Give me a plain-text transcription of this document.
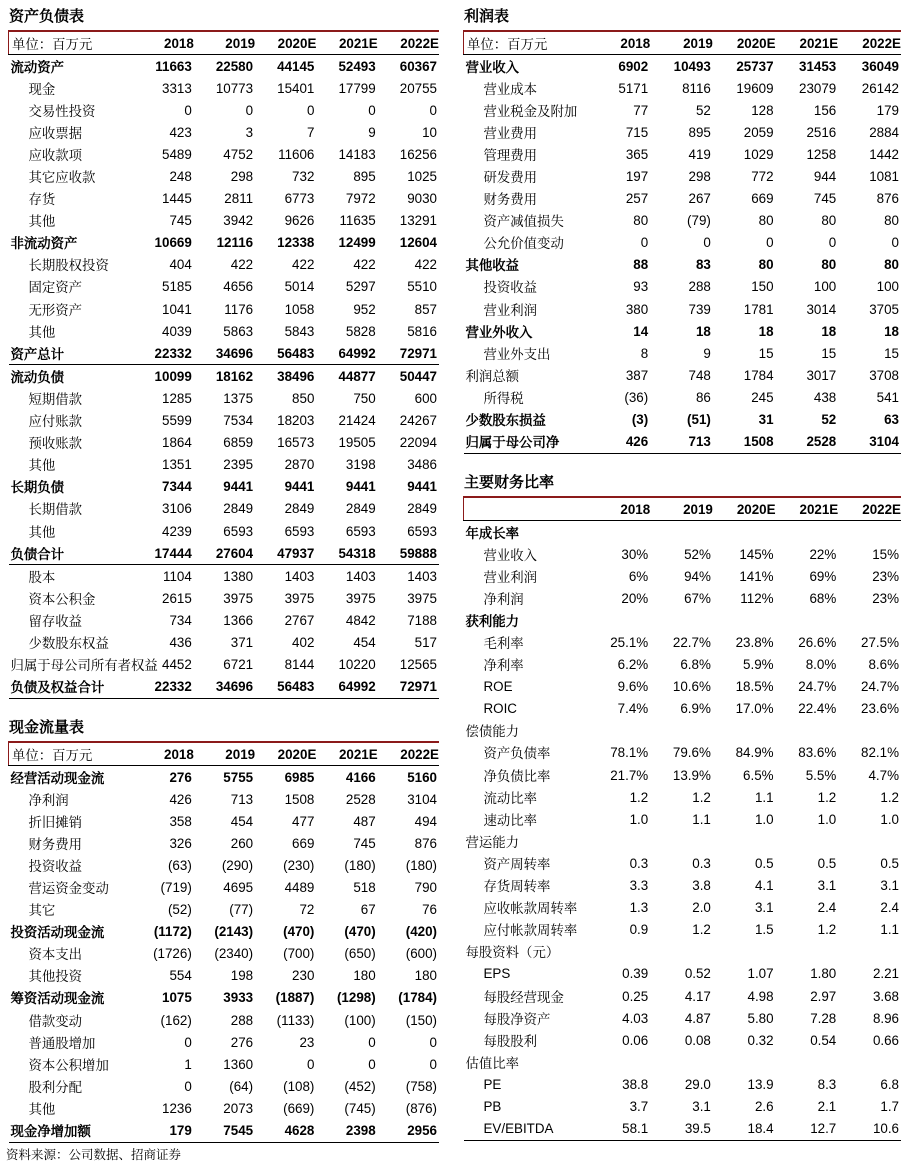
资产负债表
单位：百万元	2018	2019	2020E	2021E	2022E
流动资产	11663	22580	44145	52493	60367
现金	3313	10773	15401	17799	20755
交易性投资	0	0	0	0	0
应收票据	423	3	7	9	10
应收款项	5489	4752	11606	14183	16256
其它应收款	248	298	732	895	1025
存货	1445	2811	6773	7972	9030
其他	745	3942	9626	11635	13291
非流动资产	10669	12116	12338	12499	12604
长期股权投资	404	422	422	422	422
固定资产	5185	4656	5014	5297	5510
无形资产	1041	1176	1058	952	857
其他	4039	5863	5843	5828	5816
资产总计	22332	34696	56483	64992	72971
流动负债	10099	18162	38496	44877	50447
短期借款	1285	1375	850	750	600
应付账款	5599	7534	18203	21424	24267
预收账款	1864	6859	16573	19505	22094
其他	1351	2395	2870	3198	3486
长期负债	7344	9441	9441	9441	9441
长期借款	3106	2849	2849	2849	2849
其他	4239	6593	6593	6593	6593
负债合计	17444	27604	47937	54318	59888
股本	1104	1380	1403	1403	1403
资本公积金	2615	3975	3975	3975	3975
留存收益	734	1366	2767	4842	7188
少数股东权益	436	371	402	454	517
归属于母公司所有者权益	4452	6721	8144	10220	12565
负债及权益合计	22332	34696	56483	64992	72971
现金流量表
单位：百万元	2018	2019	2020E	2021E	2022E
经营活动现金流	276	5755	6985	4166	5160
净利润	426	713	1508	2528	3104
折旧摊销	358	454	477	487	494
财务费用	326	260	669	745	876
投资收益	(63)	(290)	(230)	(180)	(180)
营运资金变动	(719)	4695	4489	518	790
其它	(52)	(77)	72	67	76
投资活动现金流	(1172)	(2143)	(470)	(470)	(420)
资本支出	(1726)	(2340)	(700)	(650)	(600)
其他投资	554	198	230	180	180
筹资活动现金流	1075	3933	(1887)	(1298)	(1784)
借款变动	(162)	288	(1133)	(100)	(150)
普通股增加	0	276	23	0	0
资本公积增加	1	1360	0	0	0
股利分配	0	(64)	(108)	(452)	(758)
其他	1236	2073	(669)	(745)	(876)
现金净增加额	179	7545	4628	2398	2956
利润表
单位：百万元	2018	2019	2020E	2021E	2022E
营业收入	6902	10493	25737	31453	36049
营业成本	5171	8116	19609	23079	26142
营业税金及附加	77	52	128	156	179
营业费用	715	895	2059	2516	2884
管理费用	365	419	1029	1258	1442
研发费用	197	298	772	944	1081
财务费用	257	267	669	745	876
资产减值损失	80	(79)	80	80	80
公允价值变动	0	0	0	0	0
其他收益	88	83	80	80	80
投资收益	93	288	150	100	100
营业利润	380	739	1781	3014	3705
营业外收入	14	18	18	18	18
营业外支出	8	9	15	15	15
利润总额	387	748	1784	3017	3708
所得税	(36)	86	245	438	541
少数股东损益	(3)	(51)	31	52	63
归属于母公司净	426	713	1508	2528	3104
主要财务比率
	2018	2019	2020E	2021E	2022E
年成长率					
营业收入	30%	52%	145%	22%	15%
营业利润	6%	94%	141%	69%	23%
净利润	20%	67%	112%	68%	23%
获利能力					
毛利率	25.1%	22.7%	23.8%	26.6%	27.5%
净利率	6.2%	6.8%	5.9%	8.0%	8.6%
ROE	9.6%	10.6%	18.5%	24.7%	24.7%
ROIC	7.4%	6.9%	17.0%	22.4%	23.6%
偿债能力					
资产负债率	78.1%	79.6%	84.9%	83.6%	82.1%
净负债比率	21.7%	13.9%	6.5%	5.5%	4.7%
流动比率	1.2	1.2	1.1	1.2	1.2
速动比率	1.0	1.1	1.0	1.0	1.0
营运能力					
资产周转率	0.3	0.3	0.5	0.5	0.5
存货周转率	3.3	3.8	4.1	3.1	3.1
应收帐款周转率	1.3	2.0	3.1	2.4	2.4
应付帐款周转率	0.9	1.2	1.5	1.2	1.1
每股资料（元）					
EPS	0.39	0.52	1.07	1.80	2.21
每股经营现金	0.25	4.17	4.98	2.97	3.68
每股净资产	4.03	4.87	5.80	7.28	8.96
每股股利	0.06	0.08	0.32	0.54	0.66
估值比率					
PE	38.8	29.0	13.9	8.3	6.8
PB	3.7	3.1	2.6	2.1	1.7
EV/EBITDA	58.1	39.5	18.4	12.7	10.6
资料来源：公司数据、招商证券
